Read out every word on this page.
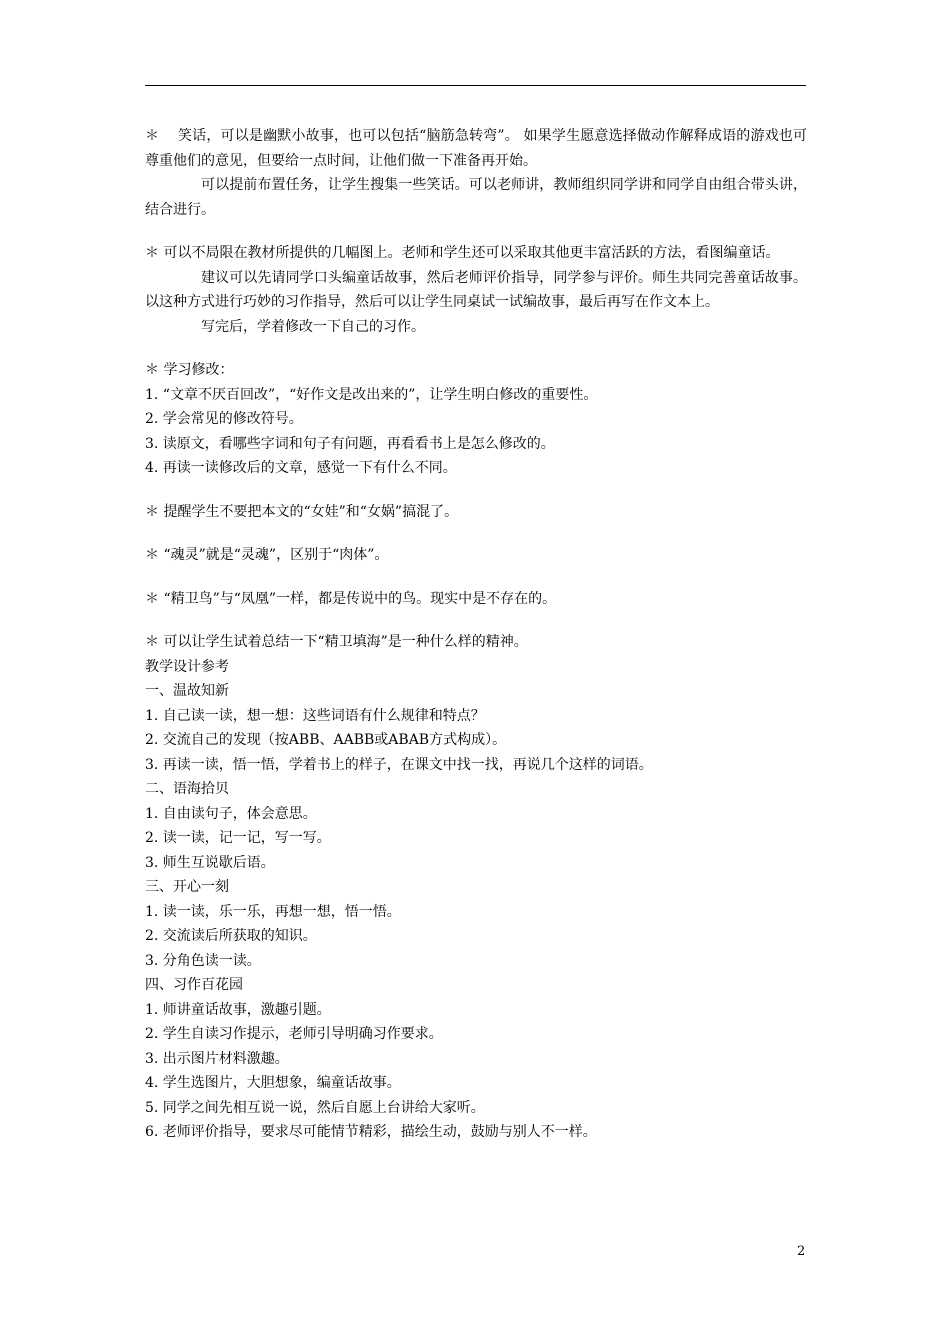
＊　 笑话，可以是幽默小故事，也可以包括“脑筋急转弯”。 如果学生愿意选择做动作解释成语的游戏也可尊重他们的意见，但要给一点时间，让他们做一下准备再开始。

可以提前布置任务，让学生搜集一些笑话。可以老师讲，教师组织同学讲和同学自由组合带头讲，结合进行。

＊ 可以不局限在教材所提供的几幅图上。老师和学生还可以采取其他更丰富活跃的方法，看图编童话。

建议可以先请同学口头编童话故事，然后老师评价指导，同学参与评价。师生共同完善童话故事。以这种方式进行巧妙的习作指导，然后可以让学生同桌试一试编故事，最后再写在作文本上。

写完后，学着修改一下自己的习作。

＊ 学习修改：

1. “文章不厌百回改”，“好作文是改出来的”，让学生明白修改的重要性。

2. 学会常见的修改符号。

3. 读原文，看哪些字词和句子有问题，再看看书上是怎么修改的。

4. 再读一读修改后的文章，感觉一下有什么不同。

＊ 提醒学生不要把本文的“女娃”和“女娲”搞混了。

＊ “魂灵”就是“灵魂”，区别于“肉体”。

＊ “精卫鸟”与“凤凰”一样，都是传说中的鸟。现实中是不存在的。

＊ 可以让学生试着总结一下“精卫填海”是一种什么样的精神。

教学设计参考

一、温故知新

1. 自己读一读，想一想：这些词语有什么规律和特点？

2. 交流自己的发现（按ABB、AABB或ABAB方式构成）。

3. 再读一读，悟一悟，学着书上的样子，在课文中找一找，再说几个这样的词语。

二、语海拾贝

1. 自由读句子，体会意思。

2. 读一读，记一记，写一写。

3. 师生互说歇后语。

三、开心一刻

1. 读一读，乐一乐，再想一想，悟一悟。

2. 交流读后所获取的知识。

3. 分角色读一读。

四、习作百花园

1. 师讲童话故事，激趣引题。

2. 学生自读习作提示，老师引导明确习作要求。

3. 出示图片材料激趣。

4. 学生选图片，大胆想象，编童话故事。

5. 同学之间先相互说一说，然后自愿上台讲给大家听。

6. 老师评价指导，要求尽可能情节精彩，描绘生动，鼓励与别人不一样。

2
